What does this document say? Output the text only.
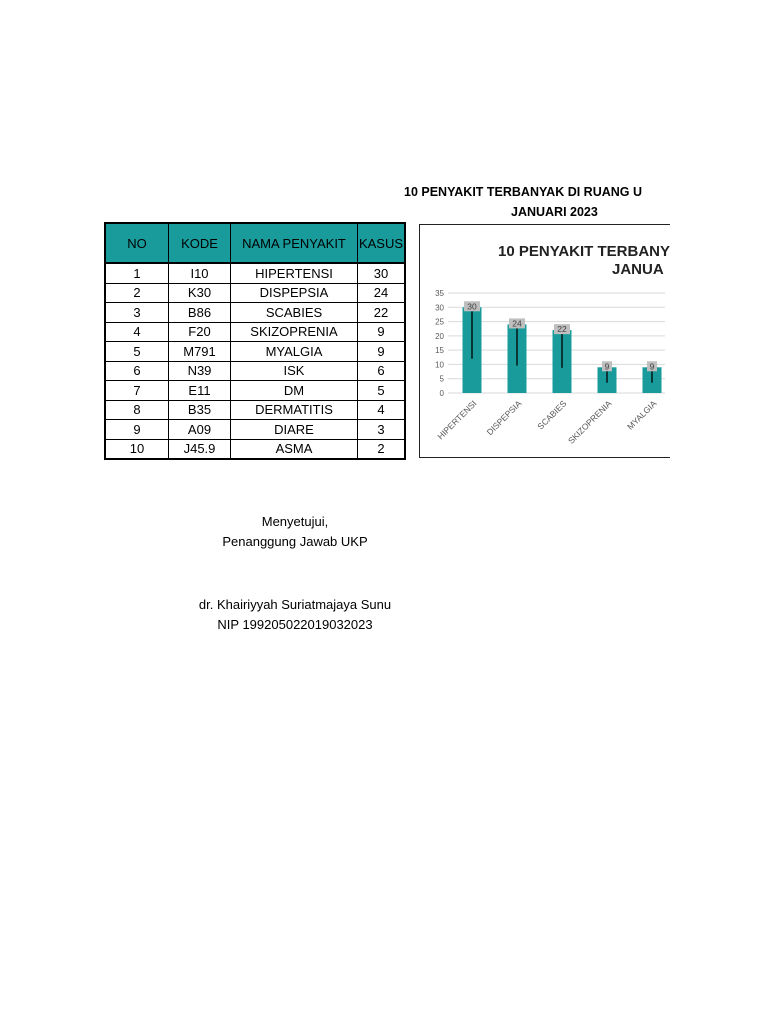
10 PENYAKIT TERBANYAK DI RUANG U
JANUARI 2023
NO	KODE	NAMA PENYAKIT	KASUS
1	I10	HIPERTENSI	30
2	K30	DISPEPSIA	24
3	B86	SCABIES	22
4	F20	SKIZOPRENIA	9
5	M791	MYALGIA	9
6	N39	ISK	6
7	E11	DM	5
8	B35	DERMATITIS	4
9	A09	DIARE	3
10	J45.9	ASMA	2
10 PENYAKIT TERBANY
JANUA
0
5
10
15
20
25
30
35
30
HIPERTENSI
24
DISPEPSIA
22
SCABIES
9
SKIZOPRENIA
9
MYALGIA
Menyetujui,
Penanggung Jawab UKP
dr. Khairiyyah Suriatmajaya Sunu
NIP 199205022019032023
